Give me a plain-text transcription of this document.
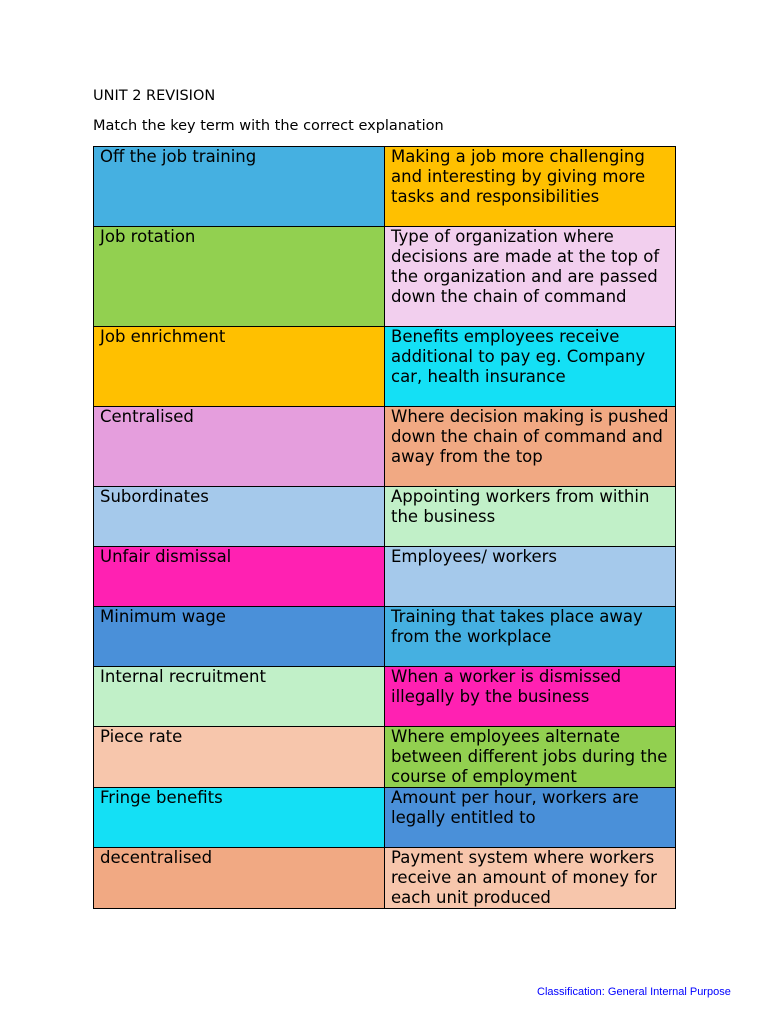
UNIT 2 REVISION
Match the key term with the correct explanation
Off the job training	Making a job more challenging and interesting by giving more tasks and responsibilities
Job rotation	Type of organization where decisions are made at the top of the organization and are passed down the chain of command
Job enrichment	Benefits employees receive additional to pay eg. Company car, health insurance
Centralised	Where decision making is pushed down the chain of command and away from the top
Subordinates	Appointing workers from within the business
Unfair dismissal	Employees/ workers
Minimum wage	Training that takes place away from the workplace
Internal recruitment	When a worker is dismissed illegally by the business
Piece rate	Where employees alternate between different jobs during the course of employment
Fringe benefits	Amount per hour, workers are legally entitled to
decentralised	Payment system where workers receive an amount of money for each unit produced
Classification: General Internal Purpose
